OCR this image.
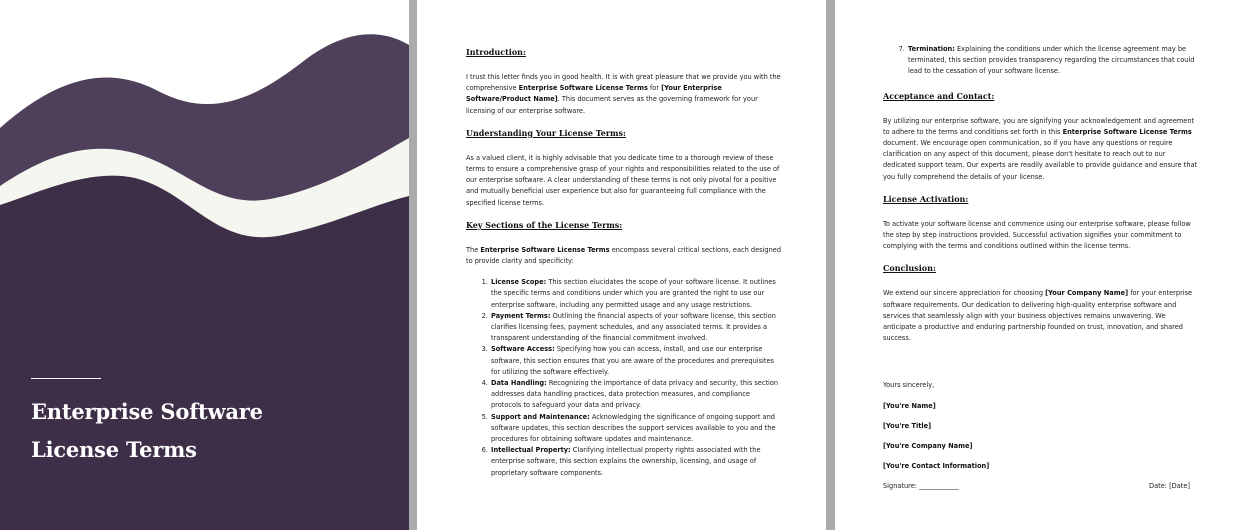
Enterprise Software
License Terms
Introduction:

I trust this letter finds you in good health. It is with great pleasure that we provide you with the comprehensive Enterprise Software License Terms for [Your Enterprise Software/Product Name]. This document serves as the governing framework for your licensing of our enterprise software.

Understanding Your License Terms:

As a valued client, it is highly advisable that you dedicate time to a thorough review of these terms to ensure a comprehensive grasp of your rights and responsibilities related to the use of our enterprise software. A clear understanding of these terms is not only pivotal for a positive and mutually beneficial user experience but also for guaranteeing full compliance with the specified license terms.

Key Sections of the License Terms:

The Enterprise Software License Terms encompass several critical sections, each designed to provide clarity and specificity:

1. License Scope: This section elucidates the scope of your software license. It outlines the specific terms and conditions under which you are granted the right to use our enterprise software, including any permitted usage and any usage restrictions.
2. Payment Terms: Outlining the financial aspects of your software license, this section clarifies licensing fees, payment schedules, and any associated terms. It provides a transparent understanding of the financial commitment involved.
3. Software Access: Specifying how you can access, install, and use our enterprise software, this section ensures that you are aware of the procedures and prerequisites for utilizing the software effectively.
4. Data Handling: Recognizing the importance of data privacy and security, this section addresses data handling practices, data protection measures, and compliance protocols to safeguard your data and privacy.
5. Support and Maintenance: Acknowledging the significance of ongoing support and software updates, this section describes the support services available to you and the procedures for obtaining software updates and maintenance.
6. Intellectual Property: Clarifying intellectual property rights associated with the enterprise software, this section explains the ownership, licensing, and usage of proprietary software components.
7. Termination: Explaining the conditions under which the license agreement may be terminated, this section provides transparency regarding the circumstances that could lead to the cessation of your software license.
Acceptance and Contact:

By utilizing our enterprise software, you are signifying your acknowledgement and agreement to adhere to the terms and conditions set forth in this Enterprise Software License Terms document. We encourage open communication, so if you have any questions or require clarification on any aspect of this document, please don't hesitate to reach out to our dedicated support team. Our experts are readily available to provide guidance and ensure that you fully comprehend the details of your license.

License Activation:

To activate your software license and commence using our enterprise software, please follow the step by step instructions provided. Successful activation signifies your commitment to complying with the terms and conditions outlined within the license terms.

Conclusion:

We extend our sincere appreciation for choosing [Your Company Name] for your enterprise software requirements. Our dedication to delivering high-quality enterprise software and services that seamlessly align with your business objectives remains unwavering. We anticipate a productive and enduring partnership founded on trust, innovation, and shared success.

Yours sincerely,

[You're Name]
[You're Title]
[You're Company Name]
[You're Contact Information]
Signature: ____________	Date: [Date]
